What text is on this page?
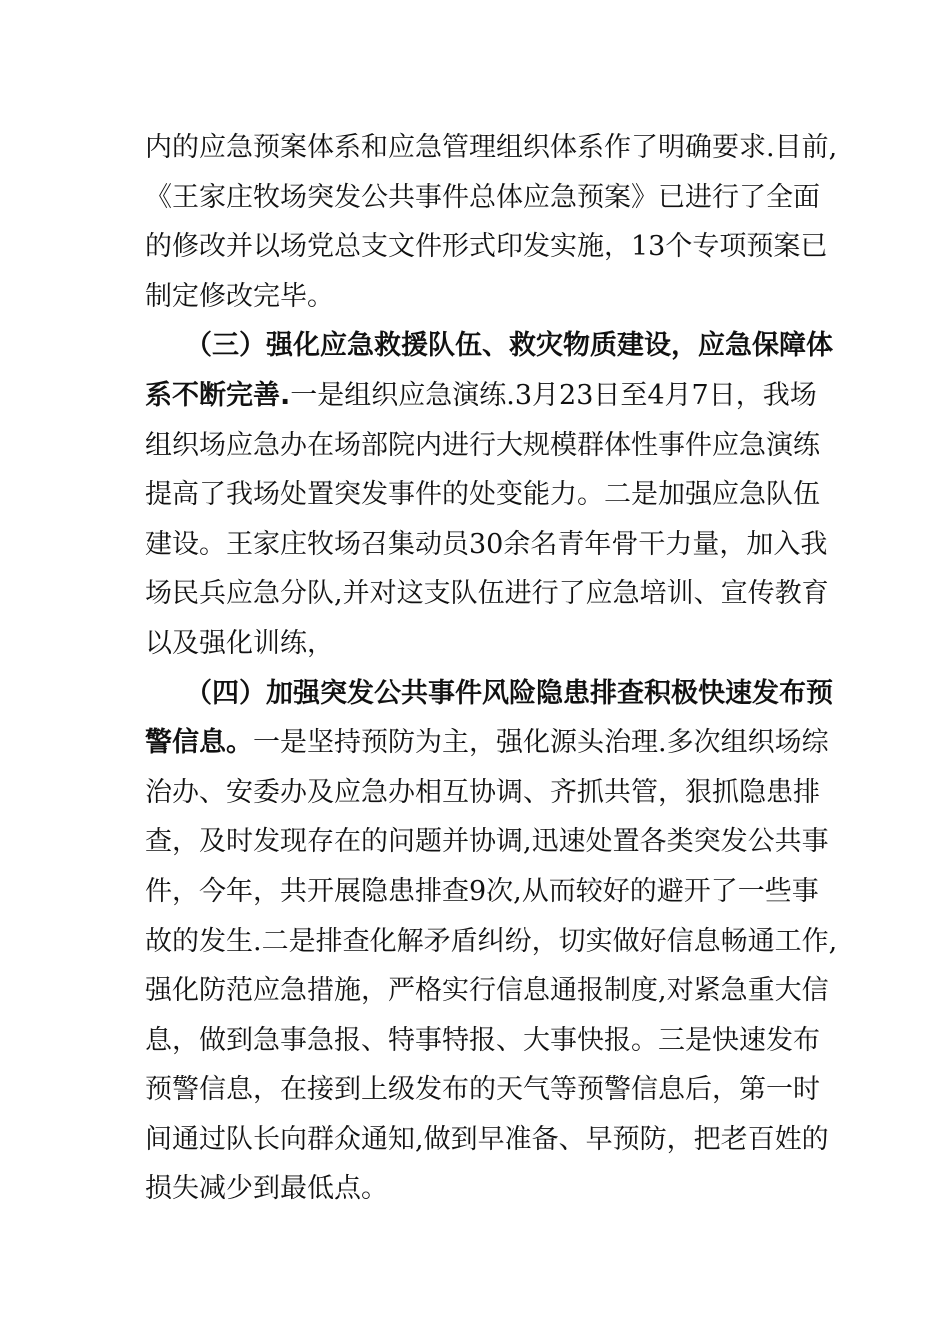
内的应急预案体系和应急管理组织体系作了明确要求.目前,
《王家庄牧场突发公共事件总体应急预案》已进行了全面
的修改并以场党总支文件形式印发实施，13个专项预案已
制定修改完毕。
（三）强化应急救援队伍、救灾物质建设，应急保障体
系不断完善.一是组织应急演练.3月23日至4月7日，我场
组织场应急办在场部院内进行大规模群体性事件应急演练
提高了我场处置突发事件的处变能力。二是加强应急队伍
建设。王家庄牧场召集动员30余名青年骨干力量，加入我
场民兵应急分队,并对这支队伍进行了应急培训、宣传教育
以及强化训练，
（四）加强突发公共事件风险隐患排查积极快速发布预
警信息。一是坚持预防为主，强化源头治理.多次组织场综
治办、安委办及应急办相互协调、齐抓共管，狠抓隐患排
查，及时发现存在的问题并协调,迅速处置各类突发公共事
件，今年，共开展隐患排查9次,从而较好的避开了一些事
故的发生.二是排查化解矛盾纠纷，切实做好信息畅通工作,
强化防范应急措施，严格实行信息通报制度,对紧急重大信
息，做到急事急报、特事特报、大事快报。三是快速发布
预警信息，在接到上级发布的天气等预警信息后，第一时
间通过队长向群众通知,做到早准备、早预防，把老百姓的
损失减少到最低点。
